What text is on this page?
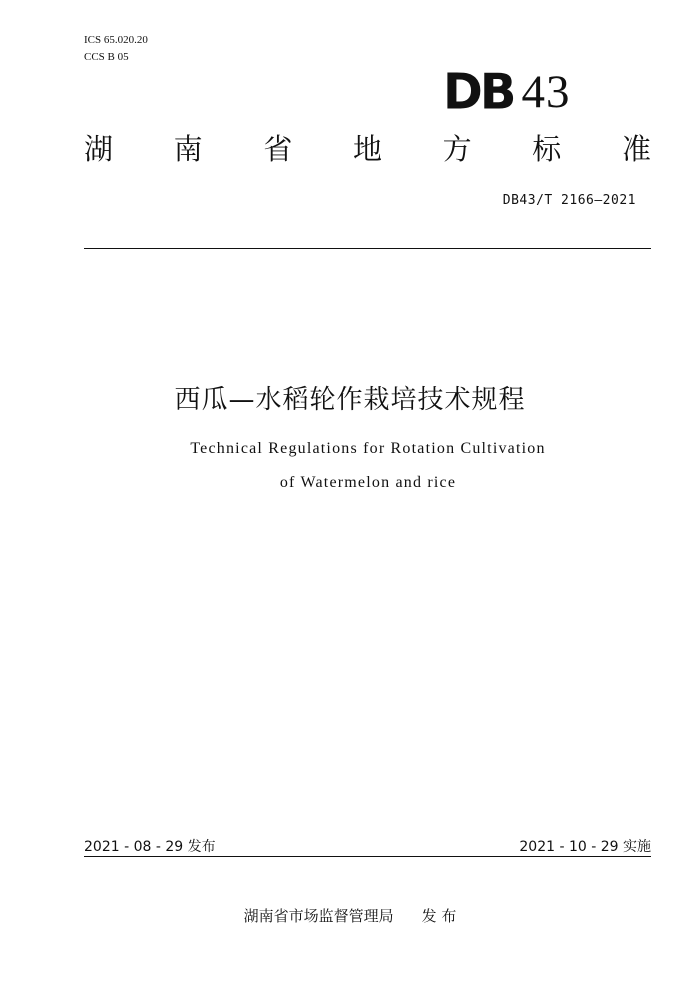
ICS 65.020.20
CCS B 05
DB 43
湖 南 省 地 方 标 准
DB43/T 2166—2021
西瓜—水稻轮作栽培技术规程
Technical Regulations for Rotation Cultivation
of Watermelon and rice
2021 - 08 - 29 发布	2021 - 10 - 29 实施
湖南省市场监督管理局 发 布
